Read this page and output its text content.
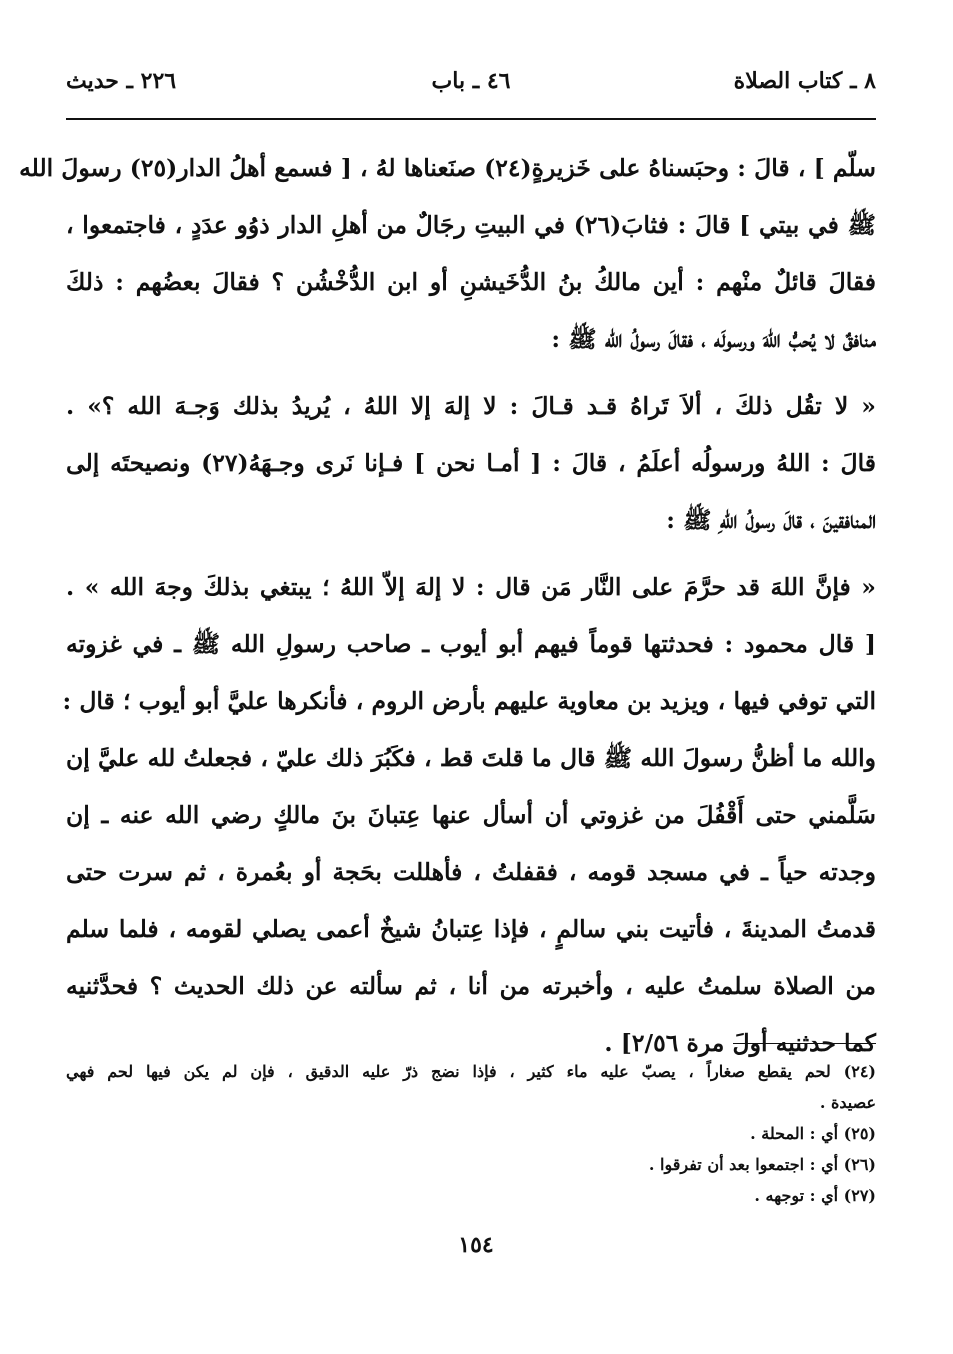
٨ ـ كتاب الصلاة
٤٦ ـ باب
٢٢٦ ـ حديث
سلّم ] ، قالَ : وحبَسناهُ على خَزيرةٍ(٢٤) صنَعناها لهُ ، [ فسمع أهلُ الدار(٢٥) رسولَ الله
ﷺ في بيتي ] قالَ : فثابَ(٢٦) في البيتِ رجَالٌ من أهلِ الدار ذوُو عدَدٍ ، فاجتمعوا ،
فقالَ قائلٌ منْهم : أين مالكُ بنُ الدُّخَيشنِ أو ابن الدُّخْشُن ؟ فقالَ بعضُهم : ذلكَ
منافقٌ لا يُحبُّ اللهَ ورسولَه ، فقالَ رسولُ الله ﷺ :
« لا تقُل ذلكَ ، ألاَ تَراهُ قـد قـالَ : لا إلهَ إلا اللهُ ، يُريدُ بذلك وَجـهَ الله ؟» .
قالَ : اللهُ ورسولُه أعلَمُ ، قالَ : [ أمـا نحن ] فـإنا نَرى وجـهَهُ(٢٧) ونصيحتَه إلى
المنافقينَ ، قالَ رسولُ اللهِ ﷺ :
« فإنَّ اللهَ قد حرَّمَ على النَّار مَن قال : لا إلهَ إلاّ اللهُ ؛ يبتغي بذلكَ وجهَ الله » .
[ قال محمود : فحدثتها قوماً فيهم أبو أيوب ـ صاحب رسولِ الله ﷺ ـ في غزوته
التي توفي فيها ، ويزيد بن معاوية عليهم بأرض الروم ، فأنكرها عليَّ أبو أيوب ؛ قال :
والله ما أظنُّ رسولَ الله ﷺ قال ما قلتَ قط ، فكَبُرَ ذلك عليّ ، فجعلتُ لله عليَّ إن
سَلَّمني حتى أَقْفُلَ من غزوتي أن أسأل عنها عِتبانَ بنَ مالكٍ رضي الله عنه ـ إن
وجدته حياً ـ في مسجد قومه ، فقفلتُ ، فأهللت بحَجة أو بعُمرة ، ثم سرت حتى
قدمتُ المدينةَ ، فأتيت بني سالمٍ ، فإذا عِتبانُ شيخٌ أعمى يصلي لقومه ، فلما سلم
من الصلاة سلمتُ عليه ، وأخبرته من أنا ، ثم سألته عن ذلك الحديث ؟ فحدَّثنيه
كما حدثنيه أولَ مرة ٢/٥٦] .
(٢٤) لحم يقطع صغاراً ، يصبّ عليه ماء كثير ، فإذا نضج ذرّ عليه الدقيق ، فإن لم يكن فيها لحم فهي
عصيدة .
(٢٥) أي : المحلة .
(٢٦) أي : اجتمعوا بعد أن تفرقوا .
(٢٧) أي : توجهه .
١٥٤
